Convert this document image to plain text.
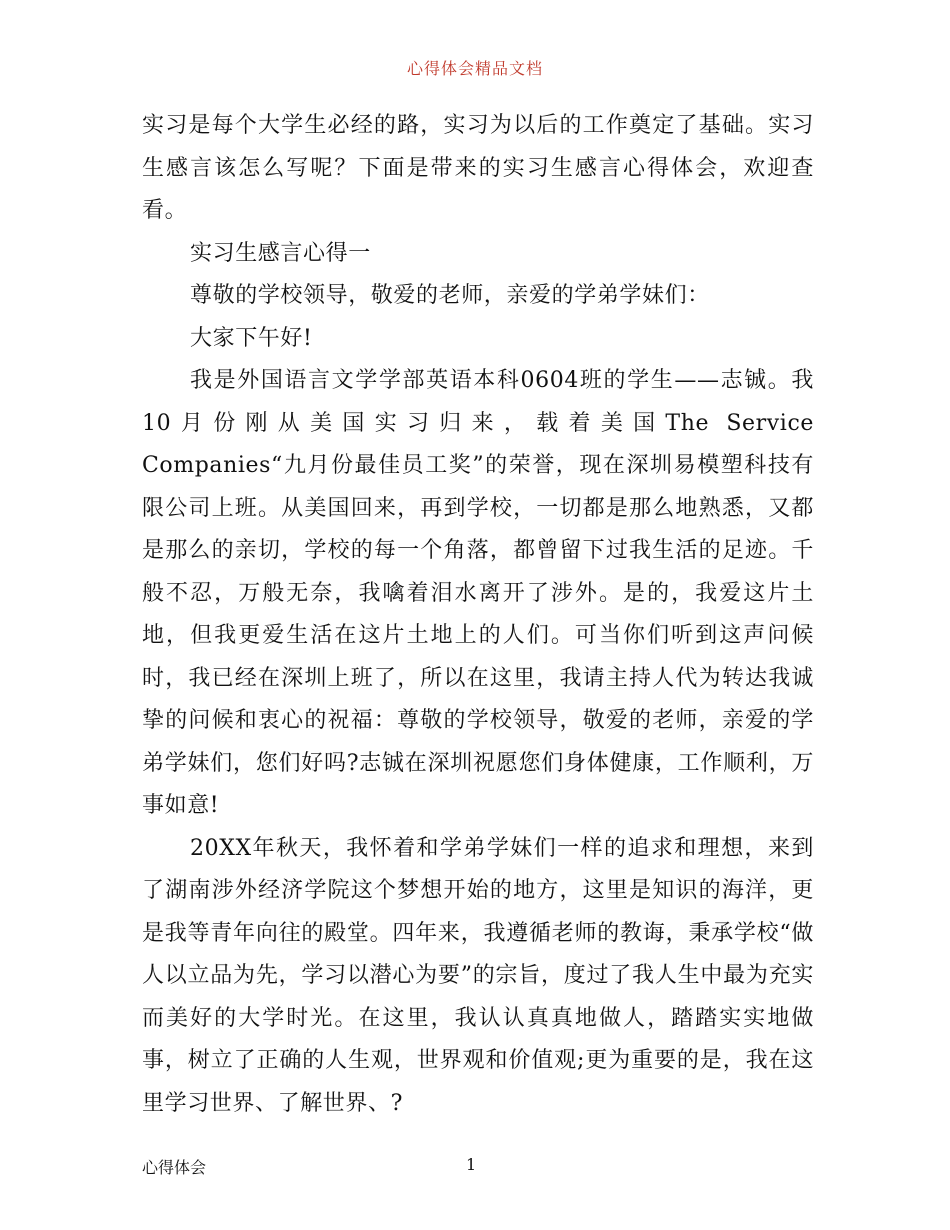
心得体会精品文档

实习是每个大学生必经的路，实习为以后的工作奠定了基础。实习生感言该怎么写呢？下面是带来的实习生感言心得体会，欢迎查看。

实习生感言心得一

尊敬的学校领导，敬爱的老师，亲爱的学弟学妹们：

大家下午好!

我是外国语言文学学部英语本科0604班的学生——志铖。我10月份刚从美国实习归来，载着美国The Service Companies“九月份最佳员工奖”的荣誉，现在深圳易模塑科技有限公司上班。从美国回来，再到学校，一切都是那么地熟悉，又都是那么的亲切，学校的每一个角落，都曾留下过我生活的足迹。千般不忍，万般无奈，我噙着泪水离开了涉外。是的，我爱这片土地，但我更爱生活在这片土地上的人们。可当你们听到这声问候时，我已经在深圳上班了，所以在这里，我请主持人代为转达我诚挚的问候和衷心的祝福：尊敬的学校领导，敬爱的老师，亲爱的学弟学妹们，您们好吗?志铖在深圳祝愿您们身体健康，工作顺利，万事如意!

20XX年秋天，我怀着和学弟学妹们一样的追求和理想，来到了湖南涉外经济学院这个梦想开始的地方，这里是知识的海洋，更是我等青年向往的殿堂。四年来，我遵循老师的教诲，秉承学校“做人以立品为先，学习以潜心为要”的宗旨，度过了我人生中最为充实而美好的大学时光。在这里，我认认真真地做人，踏踏实实地做事，树立了正确的人生观，世界观和价值观;更为重要的是，我在这里学习世界、了解世界、?

心得体会	1
